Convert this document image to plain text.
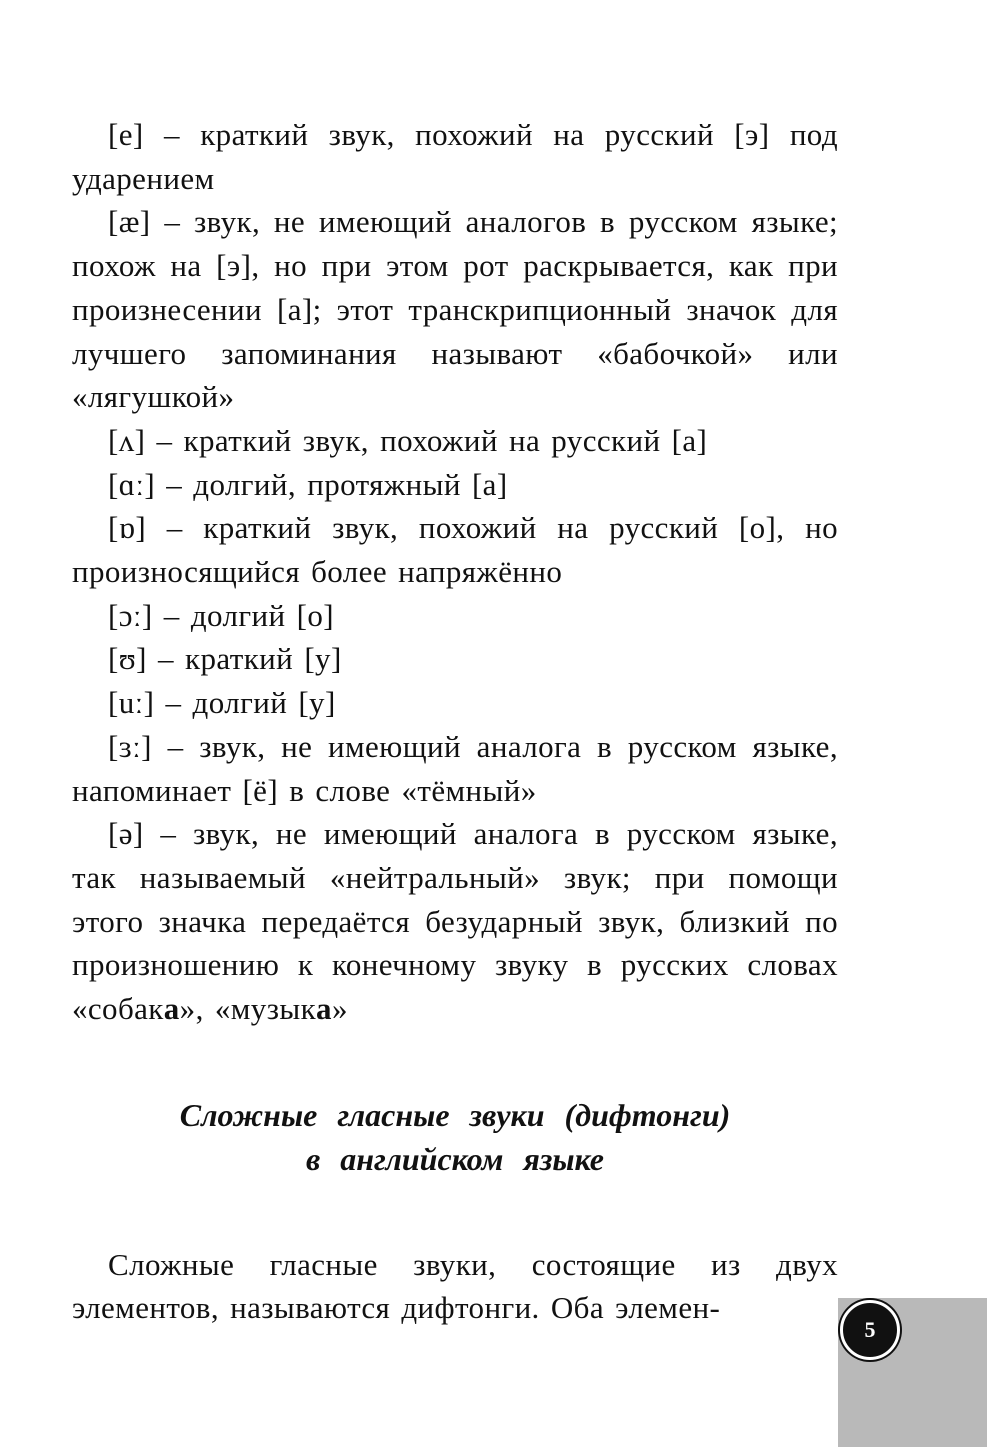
[e] – краткий звук, похожий на русский [э] под ударением

[æ] – звук, не имеющий аналогов в русском языке; похож на [э], но при этом рот раскрывается, как при произнесении [a]; этот транскрипционный значок для лучшего запоминания называют «бабочкой» или «лягушкой»

[ʌ] – краткий звук, похожий на русский [a]

[ɑː] – долгий, протяжный [a]

[ɒ] – краткий звук, похожий на русский [o], но произносящийся более напряжённо

[ɔː] – долгий [o]

[ʊ] – краткий [y]

[uː] – долгий [y]

[ɜː] – звук, не имеющий аналога в русском языке, напоминает [ё] в слове «тёмный»

[ə] – звук, не имеющий аналога в русском языке, так называемый «нейтральный» звук; при помощи этого значка передаётся безударный звук, близкий по произношению к конечному звуку в русских словах «собака», «музыка»

Сложные гласные звуки (дифтонги)
в английском языке

Сложные гласные звуки, состоящие из двух элементов, называются дифтонги. Оба элемен-

5
